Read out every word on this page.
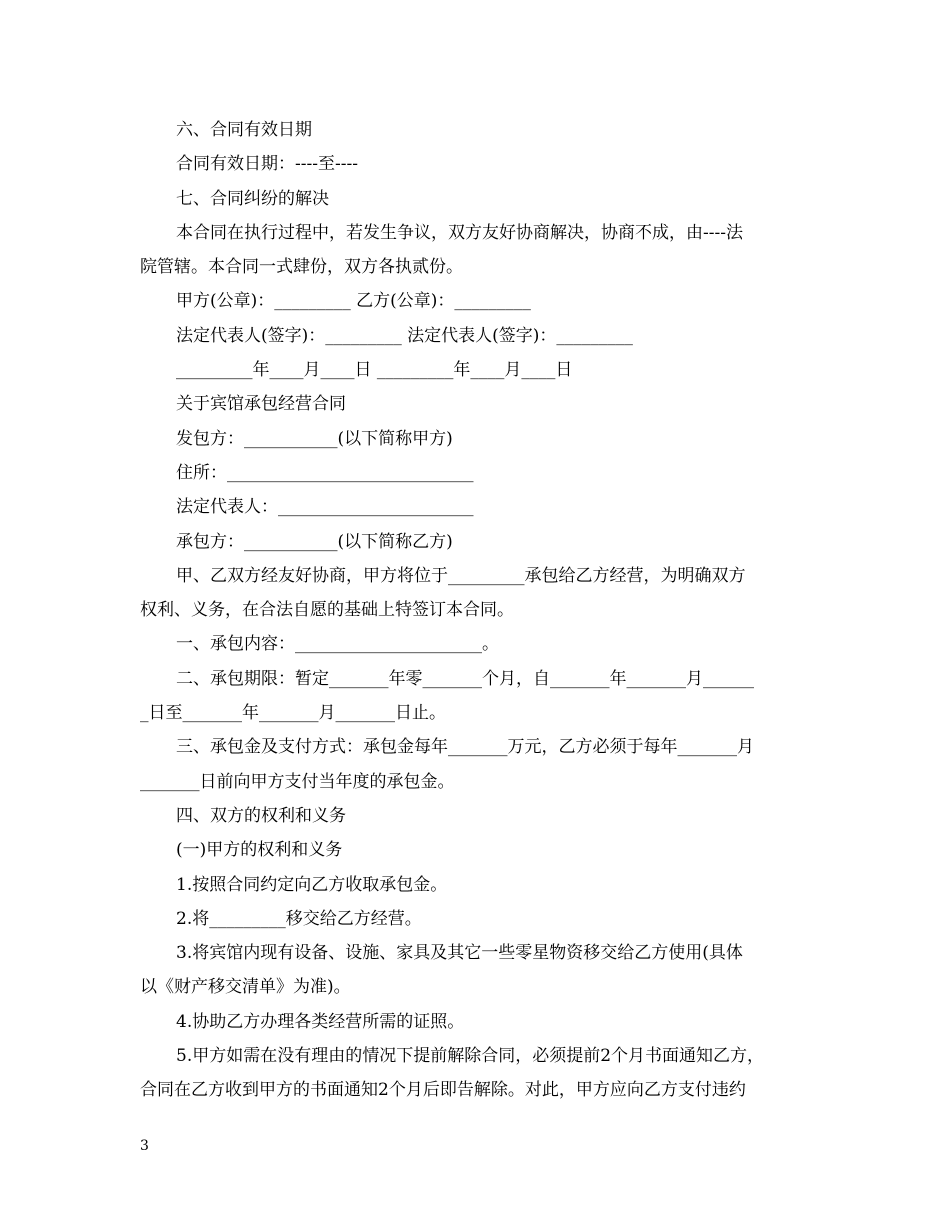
六、合同有效日期
合同有效日期：----至----
七、合同纠纷的解决
本合同在执行过程中，若发生争议，双方友好协商解决，协商不成，由----法
院管辖。本合同一式肆份，双方各执贰份。
甲方(公章)：_________ 乙方(公章)：_________
法定代表人(签字)：_________ 法定代表人(签字)：_________
_________年____月____日 _________年____月____日
关于宾馆承包经营合同
发包方：___________(以下简称甲方)
住所：_____________________________
法定代表人：_______________________
承包方：___________(以下简称乙方)
甲、乙双方经友好协商，甲方将位于_________承包给乙方经营，为明确双方
权利、义务，在合法自愿的基础上特签订本合同。
一、承包内容：______________________。
二、承包期限：暂定_______年零_______个月，自_______年_______月______
_日至_______年_______月_______日止。
三、承包金及支付方式：承包金每年_______万元，乙方必须于每年_______月
_______日前向甲方支付当年度的承包金。
四、双方的权利和义务
(一)甲方的权利和义务
1.按照合同约定向乙方收取承包金。
2.将_________移交给乙方经营。
3.将宾馆内现有设备、设施、家具及其它一些零星物资移交给乙方使用(具体
以《财产移交清单》为准)。
4.协助乙方办理各类经营所需的证照。
5.甲方如需在没有理由的情况下提前解除合同，必须提前2个月书面通知乙方，
合同在乙方收到甲方的书面通知2个月后即告解除。对此，甲方应向乙方支付违约
3
